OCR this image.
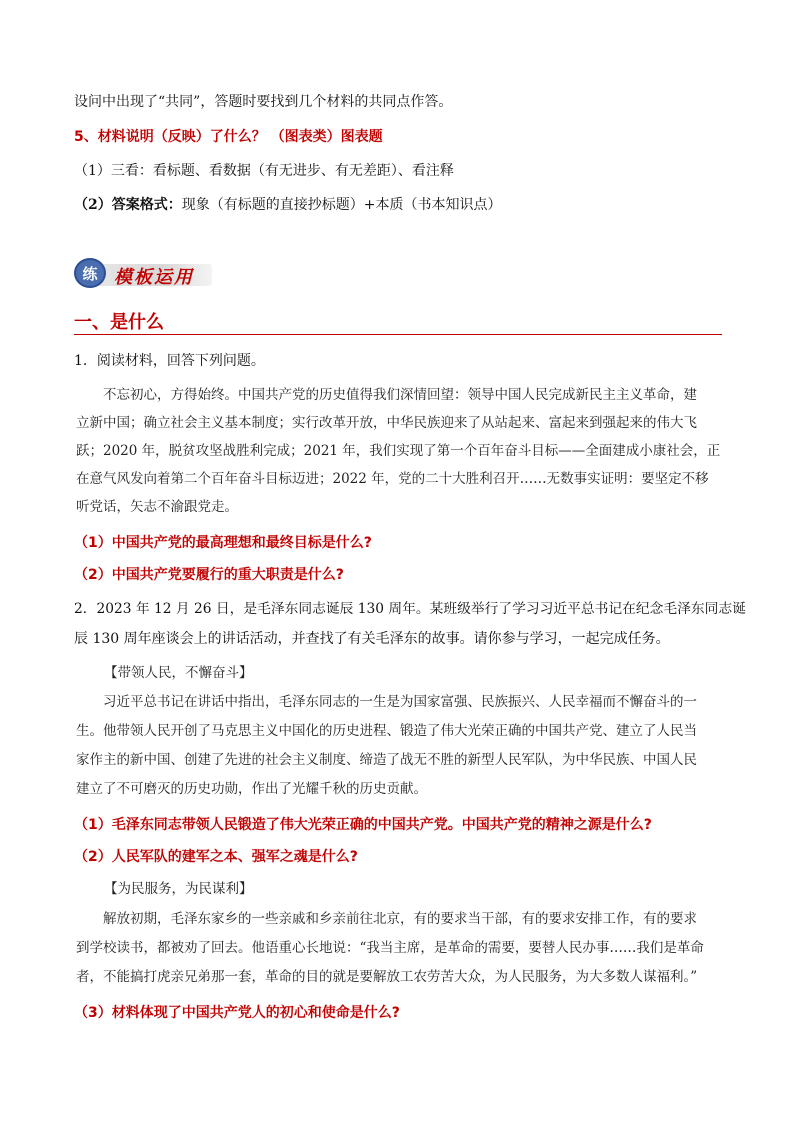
设问中出现了“共同”，答题时要找到几个材料的共同点作答。
5、材料说明（反映）了什么？ （图表类）图表题
（1）三看：看标题、看数据（有无进步、有无差距）、看注释
（2）答案格式：现象（有标题的直接抄标题）+本质（书本知识点）
练 模板运用
一、是什么
1．阅读材料，回答下列问题。
不忘初心，方得始终。中国共产党的历史值得我们深情回望：领导中国人民完成新民主主义革命，建
立新中国；确立社会主义基本制度；实行改革开放，中华民族迎来了从站起来、富起来到强起来的伟大飞
跃；2020 年，脱贫攻坚战胜利完成；2021 年，我们实现了第一个百年奋斗目标——全面建成小康社会，正
在意气风发向着第二个百年奋斗目标迈进；2022 年，党的二十大胜利召开……无数事实证明：要坚定不移
听党话，矢志不渝跟党走。
（1）中国共产党的最高理想和最终目标是什么?
（2）中国共产党要履行的重大职责是什么?
2．2023 年 12 月 26 日，是毛泽东同志诞辰 130 周年。某班级举行了学习习近平总书记在纪念毛泽东同志诞
辰 130 周年座谈会上的讲话活动，并查找了有关毛泽东的故事。请你参与学习，一起完成任务。
【带领人民，不懈奋斗】
习近平总书记在讲话中指出，毛泽东同志的一生是为国家富强、民族振兴、人民幸福而不懈奋斗的一
生。他带领人民开创了马克思主义中国化的历史进程、锻造了伟大光荣正确的中国共产党、建立了人民当
家作主的新中国、创建了先进的社会主义制度、缔造了战无不胜的新型人民军队，为中华民族、中国人民
建立了不可磨灭的历史功勋，作出了光耀千秋的历史贡献。
（1）毛泽东同志带领人民锻造了伟大光荣正确的中国共产党。中国共产党的精神之源是什么?
（2）人民军队的建军之本、强军之魂是什么?
【为民服务，为民谋利】
解放初期，毛泽东家乡的一些亲戚和乡亲前往北京，有的要求当干部，有的要求安排工作，有的要求
到学校读书，都被劝了回去。他语重心长地说：“我当主席，是革命的需要，要替人民办事……我们是革命
者，不能搞打虎亲兄弟那一套，革命的目的就是要解放工农劳苦大众，为人民服务，为大多数人谋福利。”
（3）材料体现了中国共产党人的初心和使命是什么?
